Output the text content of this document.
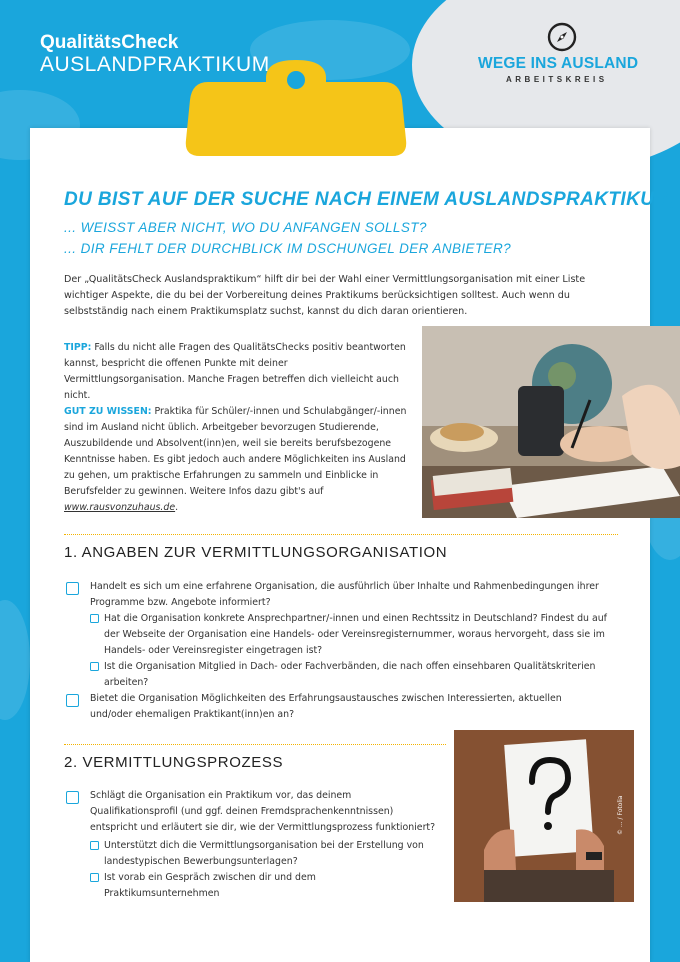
QualitätsCheck
AUSLANDPRAKTIKUM	WEGE INS AUSLAND
ARBEITSKREIS
DU BIST AUF DER SUCHE NACH EINEM AUSLANDSPRAKTIKUM,
... WEISST ABER NICHT, WO DU ANFANGEN SOLLST?
... DIR FEHLT DER DURCHBLICK IM DSCHUNGEL DER ANBIETER?
Der „QualitätsCheck Auslandspraktikum“ hilft dir bei der Wahl einer Vermittlungsorganisation mit einer Liste wichtiger Aspekte, die du bei der Vorbereitung deines Praktikums berücksichtigen solltest. Auch wenn du selbstständig nach einem Praktikumsplatz suchst, kannst du dich daran orientieren.
TIPP: Falls du nicht alle Fragen des QualitätsChecks positiv beantworten kannst, bespricht die offenen Punkte mit deiner Vermittlungsorganisation. Manche Fragen betreffen dich vielleicht auch nicht.
GUT ZU WISSEN: Praktika für Schüler/-innen und Schulabgänger/-innen sind im Ausland nicht üblich. Arbeitgeber bevorzugen Studierende, Auszubildende und Absolvent(inn)en, weil sie bereits berufsbezogene Kenntnisse haben. Es gibt jedoch auch andere Möglichkeiten ins Ausland zu gehen, um praktische Erfahrungen zu sammeln und Einblicke in Berufsfelder zu gewinnen. Weitere Infos dazu gibt's auf www.rausvonzuhaus.de.
1. ANGABEN ZUR VERMITTLUNGSORGANISATION
Handelt es sich um eine erfahrene Organisation, die ausführlich über Inhalte und Rahmenbedingungen ihrer Programme bzw. Angebote informiert?
Hat die Organisation konkrete Ansprechpartner/-innen und einen Rechtssitz in Deutschland? Findest du auf der Webseite der Organisation eine Handels- oder Vereinsregisternummer, woraus hervorgeht, dass sie im Handels- oder Vereinsregister eingetragen ist?
Ist die Organisation Mitglied in Dach- oder Fachverbänden, die nach offen einsehbaren Qualitätskriterien arbeiten?
Bietet die Organisation Möglichkeiten des Erfahrungsaustausches zwischen Interessierten, aktuellen und/oder ehemaligen Praktikant(inn)en an?
2. VERMITTLUNGSPROZESS
Schlägt die Organisation ein Praktikum vor, das deinem Qualifikationsprofil (und ggf. deinen Fremdsprachenkenntnissen) entspricht und erläutert sie dir, wie der Vermittlungsprozess funktioniert?
Unterstützt dich die Vermittlungsorganisation bei der Erstellung von landestypischen Bewerbungsunterlagen?
Ist vorab ein Gespräch zwischen dir und dem Praktikumsunternehmen
© ... / Fotolia
